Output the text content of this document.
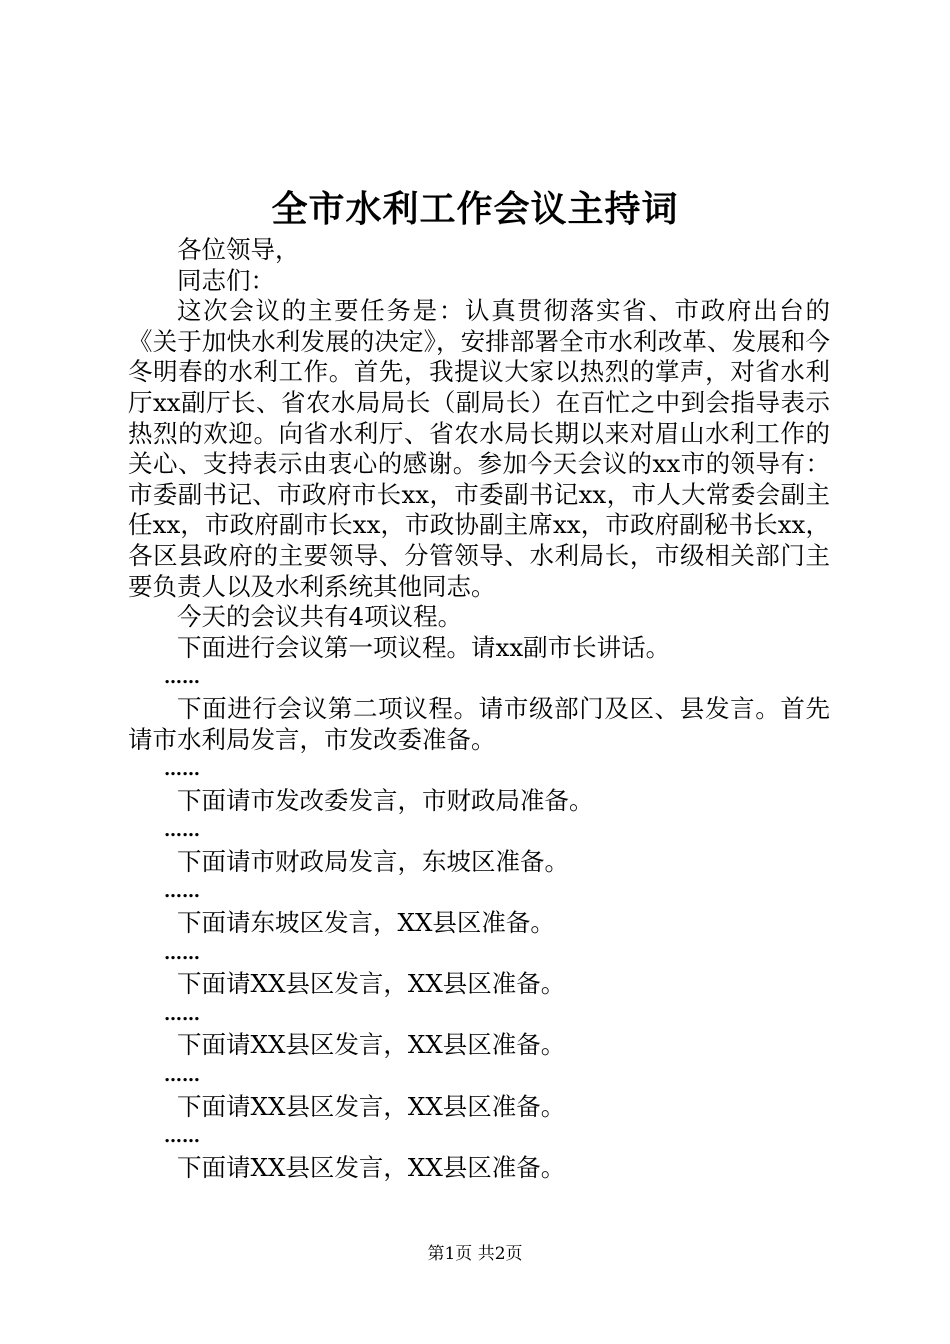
全市水利工作会议主持词

各位领导，

同志们：

这次会议的主要任务是：认真贯彻落实省、市政府出台的《关于加快水利发展的决定》，安排部署全市水利改革、发展和今冬明春的水利工作。首先，我提议大家以热烈的掌声，对省水利厅xx副厅长、省农水局局长（副局长）在百忙之中到会指导表示热烈的欢迎。向省水利厅、省农水局长期以来对眉山水利工作的关心、支持表示由衷心的感谢。参加今天会议的xx市的领导有：市委副书记、市政府市长xx，市委副书记xx，市人大常委会副主任xx，市政府副市长xx，市政协副主席xx，市政府副秘书长xx，各区县政府的主要领导、分管领导、水利局长，市级相关部门主要负责人以及水利系统其他同志。

今天的会议共有4项议程。

下面进行会议第一项议程。请xx副市长讲话。

……

下面进行会议第二项议程。请市级部门及区、县发言。首先请市水利局发言，市发改委准备。

……

下面请市发改委发言，市财政局准备。

……

下面请市财政局发言，东坡区准备。

……

下面请东坡区发言，XX县区准备。

……

下面请XX县区发言，XX县区准备。

……

下面请XX县区发言，XX县区准备。

……

下面请XX县区发言，XX县区准备。

……

下面请XX县区发言，XX县区准备。

第1页 共2页
